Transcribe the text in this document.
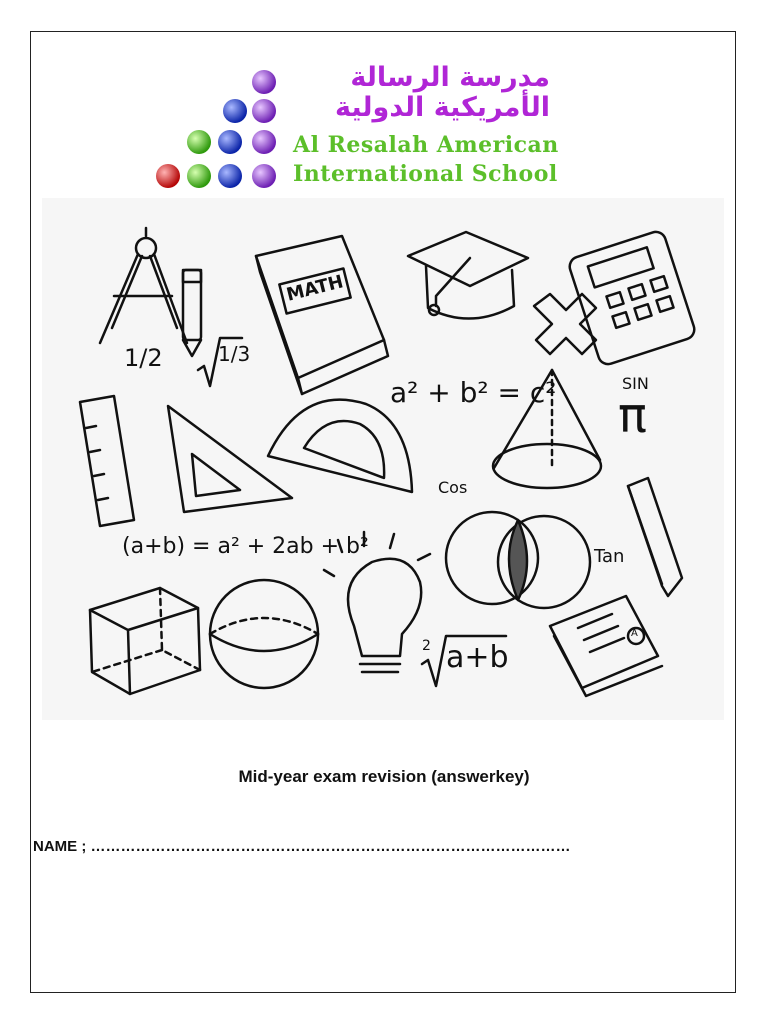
مدرسة الرسالة
الأمريكية الدولية
Al Resalah American
International School
MATH
1/2	1/3
a² + b² = c²	SIN
π
Cos
Tan
(a+b) = a² + 2ab + b²
2 a+b
A
Mid-year exam revision (answerkey)
NAME ; ……………………………………………………………………………………
